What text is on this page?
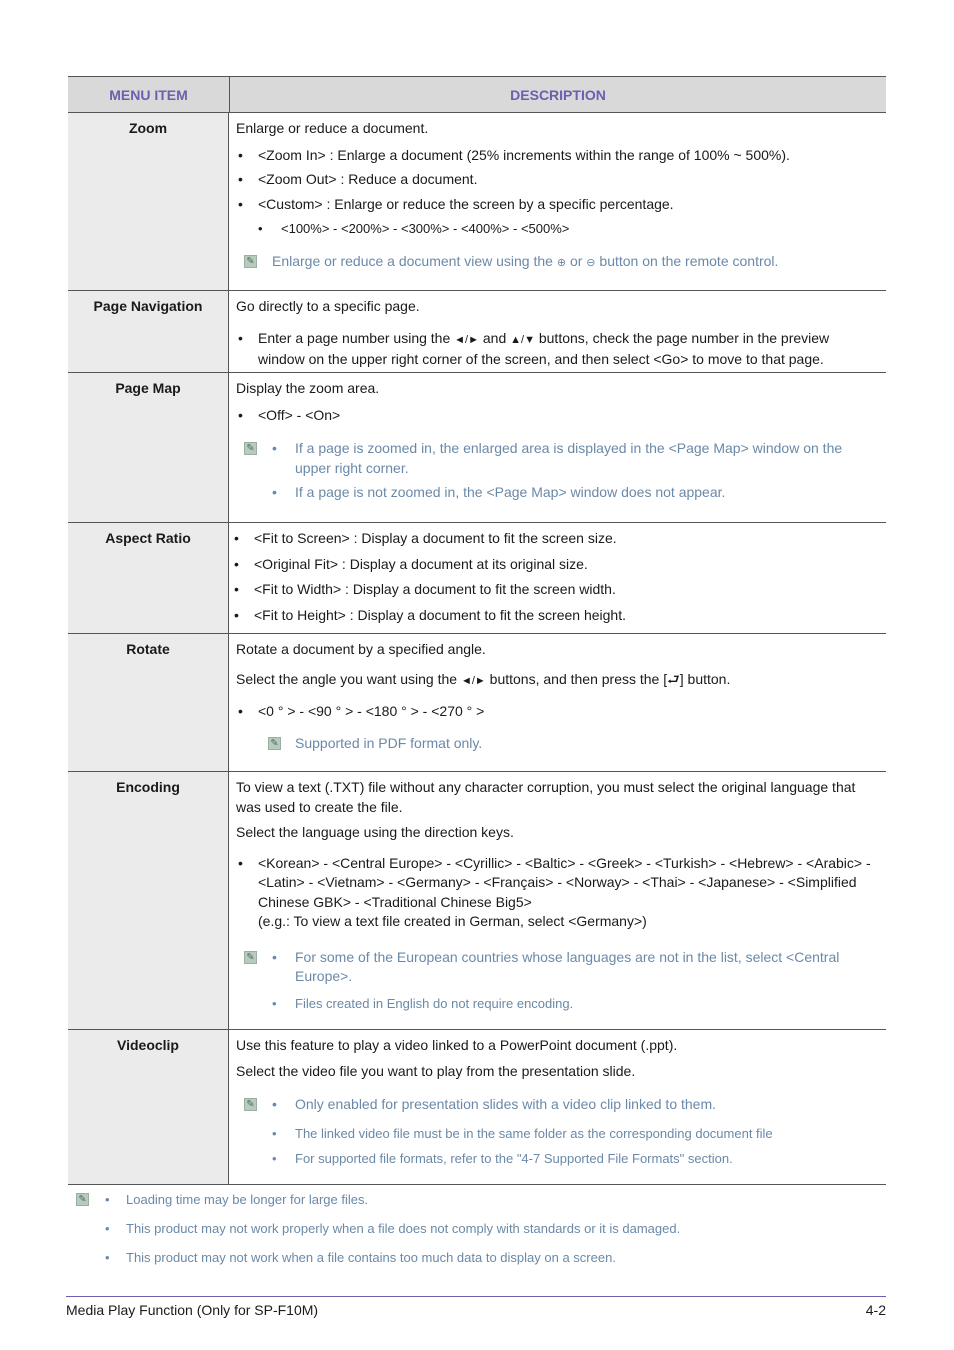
MENU ITEM	DESCRIPTION
Zoom	Enlarge or reduce a document.

• <Zoom In> : Enlarge a document (25% increments within the range of 100% ~ 500%).
• <Zoom Out> : Reduce a document.
• <Custom> : Enlarge or reduce the screen by a specific percentage.
• <100%> - <200%> - <300%> - <400%> - <500%>
✎ Enlarge or reduce a document view using the ⊕ or ⊖ button on the remote control.
Page Navigation	Go directly to a specific page.

• Enter a page number using the ◄/► and ▲/▼ buttons, check the page number in the preview window on the upper right corner of the screen, and then select <Go> to move to that page.
Page Map	Display the zoom area.

• <Off> - <On>
✎	• If a page is zoomed in, the enlarged area is displayed in the <Page Map> window on the upper right corner.
• If a page is not zoomed in, the <Page Map> window does not appear.
Aspect Ratio	• <Fit to Screen> : Display a document to fit the screen size.
• <Original Fit> : Display a document at its original size.
• <Fit to Width> : Display a document to fit the screen width.
• <Fit to Height> : Display a document to fit the screen height.
Rotate	Rotate a document by a specified angle.

Select the angle you want using the ◄/► buttons, and then press the [⮐] button.

• <0 ° > - <90 ° > - <180 ° > - <270 ° >
✎ Supported in PDF format only.
Encoding	To view a text (.TXT) file without any character corruption, you must select the original language that was used to create the file.

Select the language using the direction keys.

• <Korean> - <Central Europe> - <Cyrillic> - <Baltic> - <Greek> - <Turkish> - <Hebrew> - <Arabic> - <Latin> - <Vietnam> - <Germany> - <Français> - <Norway> - <Thai> - <Japanese> - <Simplified Chinese GBK> - <Traditional Chinese Big5>
(e.g.: To view a text file created in German, select <Germany>)
✎	• For some of the European countries whose languages are not in the list, select <Central Europe>.
• Files created in English do not require encoding.
Videoclip	Use this feature to play a video linked to a PowerPoint document (.ppt).

Select the video file you want to play from the presentation slide.

✎	• Only enabled for presentation slides with a video clip linked to them.
• The linked video file must be in the same folder as the corresponding document file
• For supported file formats, refer to the "4-7 Supported File Formats" section.
✎	• Loading time may be longer for large files.
• This product may not work properly when a file does not comply with standards or it is damaged.
• This product may not work when a file contains too much data to display on a screen.
Media Play Function (Only for SP-F10M)	4-2
